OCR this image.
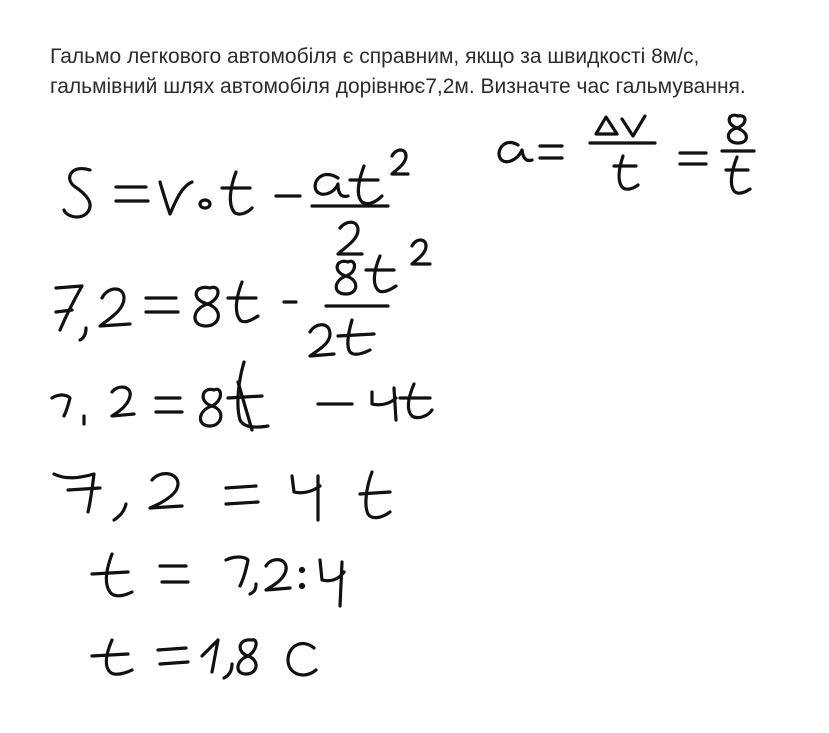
Гальмо легкового автомобіля є справним, якщо за швидкості 8м/с, гальмівний шлях автомобіля дорівнює7,2м. Визначте час гальмування.
